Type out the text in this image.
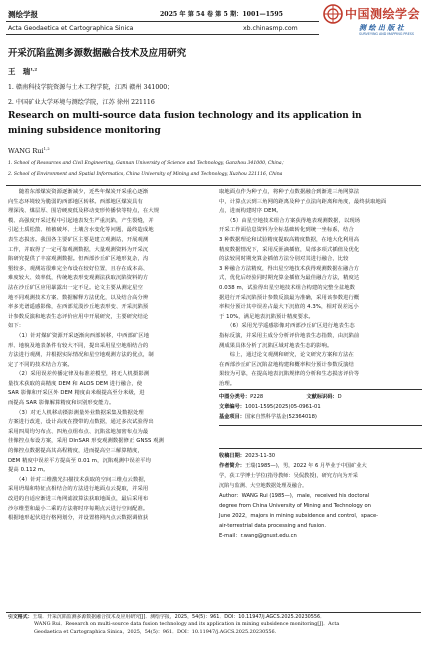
测绘学报	2025 年 第 54 卷 第 5 期：1001—1595	中国测绘学会
测 绘 出 版 社
SURVEYING AND MAPPING PRESS
Acta Geodaetica et Cartographica Sinica	xb.chinasmp.com
开采沉陷监测多源数据融合技术及应用研究
王　瑞$^{1,2}$
1. 赣南科技学院资源与土木工程学院，江西 赣州 341000；
2. 中国矿业大学环境与测绘学院，江苏 徐州 221116
Research on multi-source data fusion technology and its application in
mining subsidence monitoring
WANG Rui$^{1,2}$
1. School of Resources and Civil Engineering, Gannan University of Science and Technology, Ganzhou 341000, China；
2. School of Environment and Spatial Informatics, China University of Mining and Technology, Xuzhou 221116, China
　　随着东部煤炭资源逐渐减少，近些年煤炭开采重心逐渐
向生态环境较为脆弱的西部地区转移。西部地区煤炭具有
埋深浅、煤层厚、围岩硬度低及移动变形传播快等特点，在大规
模、高强度开采过程中引起地表发生严重沉陷，产生裂缝，并
引起土质松散、植被破坏、土壤含水变化等问题，最终造成地
表生态损害。我国各主要矿区主要是建立观测站，开展观测
工作，并取得了一定可靠观测数据，大量观测资料为开采沉
陷研究提供了丰富观测数据。但西部沙丘矿区地形复杂，沟
壑较多，观测站很难完全布设在较好位置，且存在成本高、
难度较大、效率低，传统地表形变观测法获取沉陷资料的方
法在沙丘矿区应用暴露出一定不足。论文主要从测定星空
地不同观测技术方案、数据解释方法优化，以及结合高分辨
率多光谱遥感影像，在西部荒漠沙丘地表形变、开采沉陷预
计参数反演和地表生态评价应用中开展研究，主要研究结论
如下：
　　（1）针对煤矿资源开采逐渐向西部转移，中西部矿区地
形、地貌及地表条件有较大不同，提出采用星空地相结合的
方法进行观测，并根据实际情况和星空地观测方法的优点，制
定了不同的技术结合方案。
　　（2）采用误差传播定律及标准差模型，将无人机摄影测
量技术获取的高精度 DEM 和 ALOS DEM 进行融合，使
SAR 影像和开采区外 DEM 精度由米级提高至分米级，进
而提高 SAR 影像解算精度和识别形变能力。
　　（3）对无人机移动摄影测量外业数据采集及数据处理
方案进行改进，设计高度在搜带的点数据，通过多次试验得出
采用四周均匀布点、四角点组布点、沉陷盆地加密布点为最
佳像控点布设方案，采用 DInSAR 形变观测数据修正 GNSS 观测
的像控点数据提高其高程精度，进而提高空三解算精度，
DEM 精度中误差平方提高至 0.01 m，沉陷观测中误差平均
提高 0.112 m。
　　（4）针对三维激光扫描技术获取的空间三维点云数据，
采用坍塌和特征点相结合的方法进行地面点云提取，并采用
改进的自适应渐进三角网滤波算法获取地面点，最后采用布
沙尔维型和最小二乘的方法将时序每期点云进行空间配准。
根据地形起伏进行格网划分，并设置格网内点云数据调值获
取地面点作为种子点，将种子点数据融合到渐进三角网算法
中，计算点云到三角网的距离及种子点法向距离和角度，最终获取地面
点，进而构建时序 DEM。
　　（5）由星空地技术组合方案获得地表观测数据，以现场
开采工作面信息资料为全标基础转化到统一坐标系，结合
3 种数据理论和试验精度提取高精度数据，在地大化利用高
精度数据情况下，采用反匪滴插值，局部多项式插值及优化
的法较同时期充算金插值方法分别对其进行融合，比较
3 种融合方法精度，得出星空地技术获得观测数据在融合方
式，优化后经验同时期充算金插值为最佳融合方法，精度达
0.038 m，试验得出星空地技术组合构建的完整全盆地数
据进行开采沉陷预计参数反演最为准确，采用该参数进行概
率积分预计其中误差占最大下沉值的 4.3%，相对误差远小
于 10%，满足地表沉陷预计精度要求。
　　（6）采用光学遥感影像对西部沙丘矿区进行地表生态
指标反演，并采用主成分分析评价地表生态指数，由沉陷前
测成果具体分析了沉陷区域对地表生态的影响。
　　综上，通过论文观测和研究，论文研究方案和方法在
在西部沙丘矿区沉陷盆地构建和概率积分预计参数反演结
果较为可靠，在提高地表沉陷规律的分析和生态损害评价等
治理。
中图分类号：P228	文献标识码：D
文章编号：1001-1595(2025)05-0961-01
基金项目：国家自然科学基金(52364018)
收稿日期：2023-11-30
作者简介：王瑞(1985—)，男，2022 年 6 月毕业于中国矿业大
学，获工学博士学位(指导教师：吴侃教授)，研究方向为开采
沉陷与监测、大空地数据处理及融合。
Author：WANG Rui (1985—)，male，received his doctoral
degree from China University of Mining and Technology on
June 2022，majors in mining subsidence and control，space-
air-terrestrial data processing and fusion.
E-mail：r.wang@gnust.edu.cn
引文格式：王瑞．开采沉陷监测多源数据融合技术及应用研究[J]．测绘学报，2025，54(5)：961．DOI：10.11947/j.AGCS.2025.20230556．
WANG Rui．Research on multi-source data fusion technology and its application in mining subsidence monitoring[J]．Acta
Geodaetica et Cartographica Sinica，2025，54(5)：961．DOI：10.11947/j.AGCS.2025.20230556.
